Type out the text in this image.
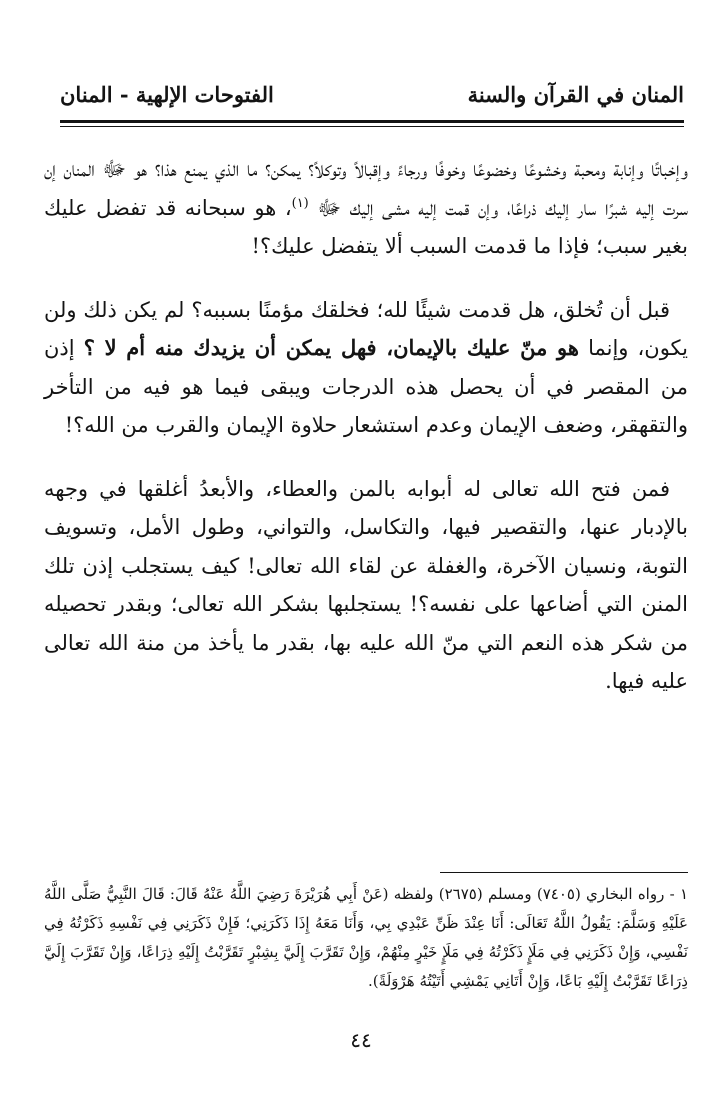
المنان في القرآن والسنة
الفتوحات الإلهية - المنان

وإخباتًا وإنابة ومحبة وخشوعًا وخضوعًا وخوفًا ورجاءً وإقبالاً وتوكلاً؟ يمكن؟ ما الذي يمنع هذا؟ هو ﷻ المنان إن سرت إليه شبرًا سار إليك ذراعًا، وإن قمت إليه مشى إليك ﷻ $^{(١)}$، هو سبحانه قد تفضل عليك بغير سبب؛ فإذا ما قدمت السبب ألا يتفضل عليك؟!

قبل أن تُخلق، هل قدمت شيئًا لله؛ فخلقك مؤمنًا بسببه؟ لم يكن ذلك ولن يكون، وإنما هو منّ عليك بالإيمان، فهل يمكن أن يزيدك منه أم لا ؟ إذن من المقصر في أن يحصل هذه الدرجات ويبقى فيما هو فيه من التأخر والتقهقر، وضعف الإيمان وعدم استشعار حلاوة الإيمان والقرب من الله؟!

فمن فتح الله تعالى له أبوابه بالمن والعطاء، والأبعدُ أغلقها في وجهه بالإدبار عنها، والتقصير فيها، والتكاسل، والتواني، وطول الأمل، وتسويف التوبة، ونسيان الآخرة، والغفلة عن لقاء الله تعالى! كيف يستجلب إذن تلك المنن التي أضاعها على نفسه؟! يستجلبها بشكر الله تعالى؛ وبقدر تحصيله من شكر هذه النعم التي منّ الله عليه بها، بقدر ما يأخذ من منة الله تعالى عليه فيها.

١ - رواه البخاري (٧٤٠٥) ومسلم (٢٦٧٥) ولفظه (عَنْ أَبِي هُرَيْرَةَ رَضِيَ اللَّهُ عَنْهُ قَالَ: قَالَ النَّبِيُّ صَلَّى اللَّهُ عَلَيْهِ وَسَلَّمَ: يَقُولُ اللَّهُ تَعَالَى: أَنَا عِنْدَ ظَنِّ عَبْدِي بِي، وَأَنَا مَعَهُ إِذَا ذَكَرَنِي؛ فَإِنْ ذَكَرَنِي فِي نَفْسِهِ ذَكَرْتُهُ فِي نَفْسِي، وَإِنْ ذَكَرَنِي فِي مَلَإٍ ذَكَرْتُهُ فِي مَلَإٍ خَيْرٍ مِنْهُمْ، وَإِنْ تَقَرَّبَ إِلَيَّ بِشِبْرٍ تَقَرَّبْتُ إِلَيْهِ ذِرَاعًا، وَإِنْ تَقَرَّبَ إِلَيَّ ذِرَاعًا تَقَرَّبْتُ إِلَيْهِ بَاعًا، وَإِنْ أَتَانِي يَمْشِي أَتَيْتُهُ هَرْوَلَةً).
٤٤
